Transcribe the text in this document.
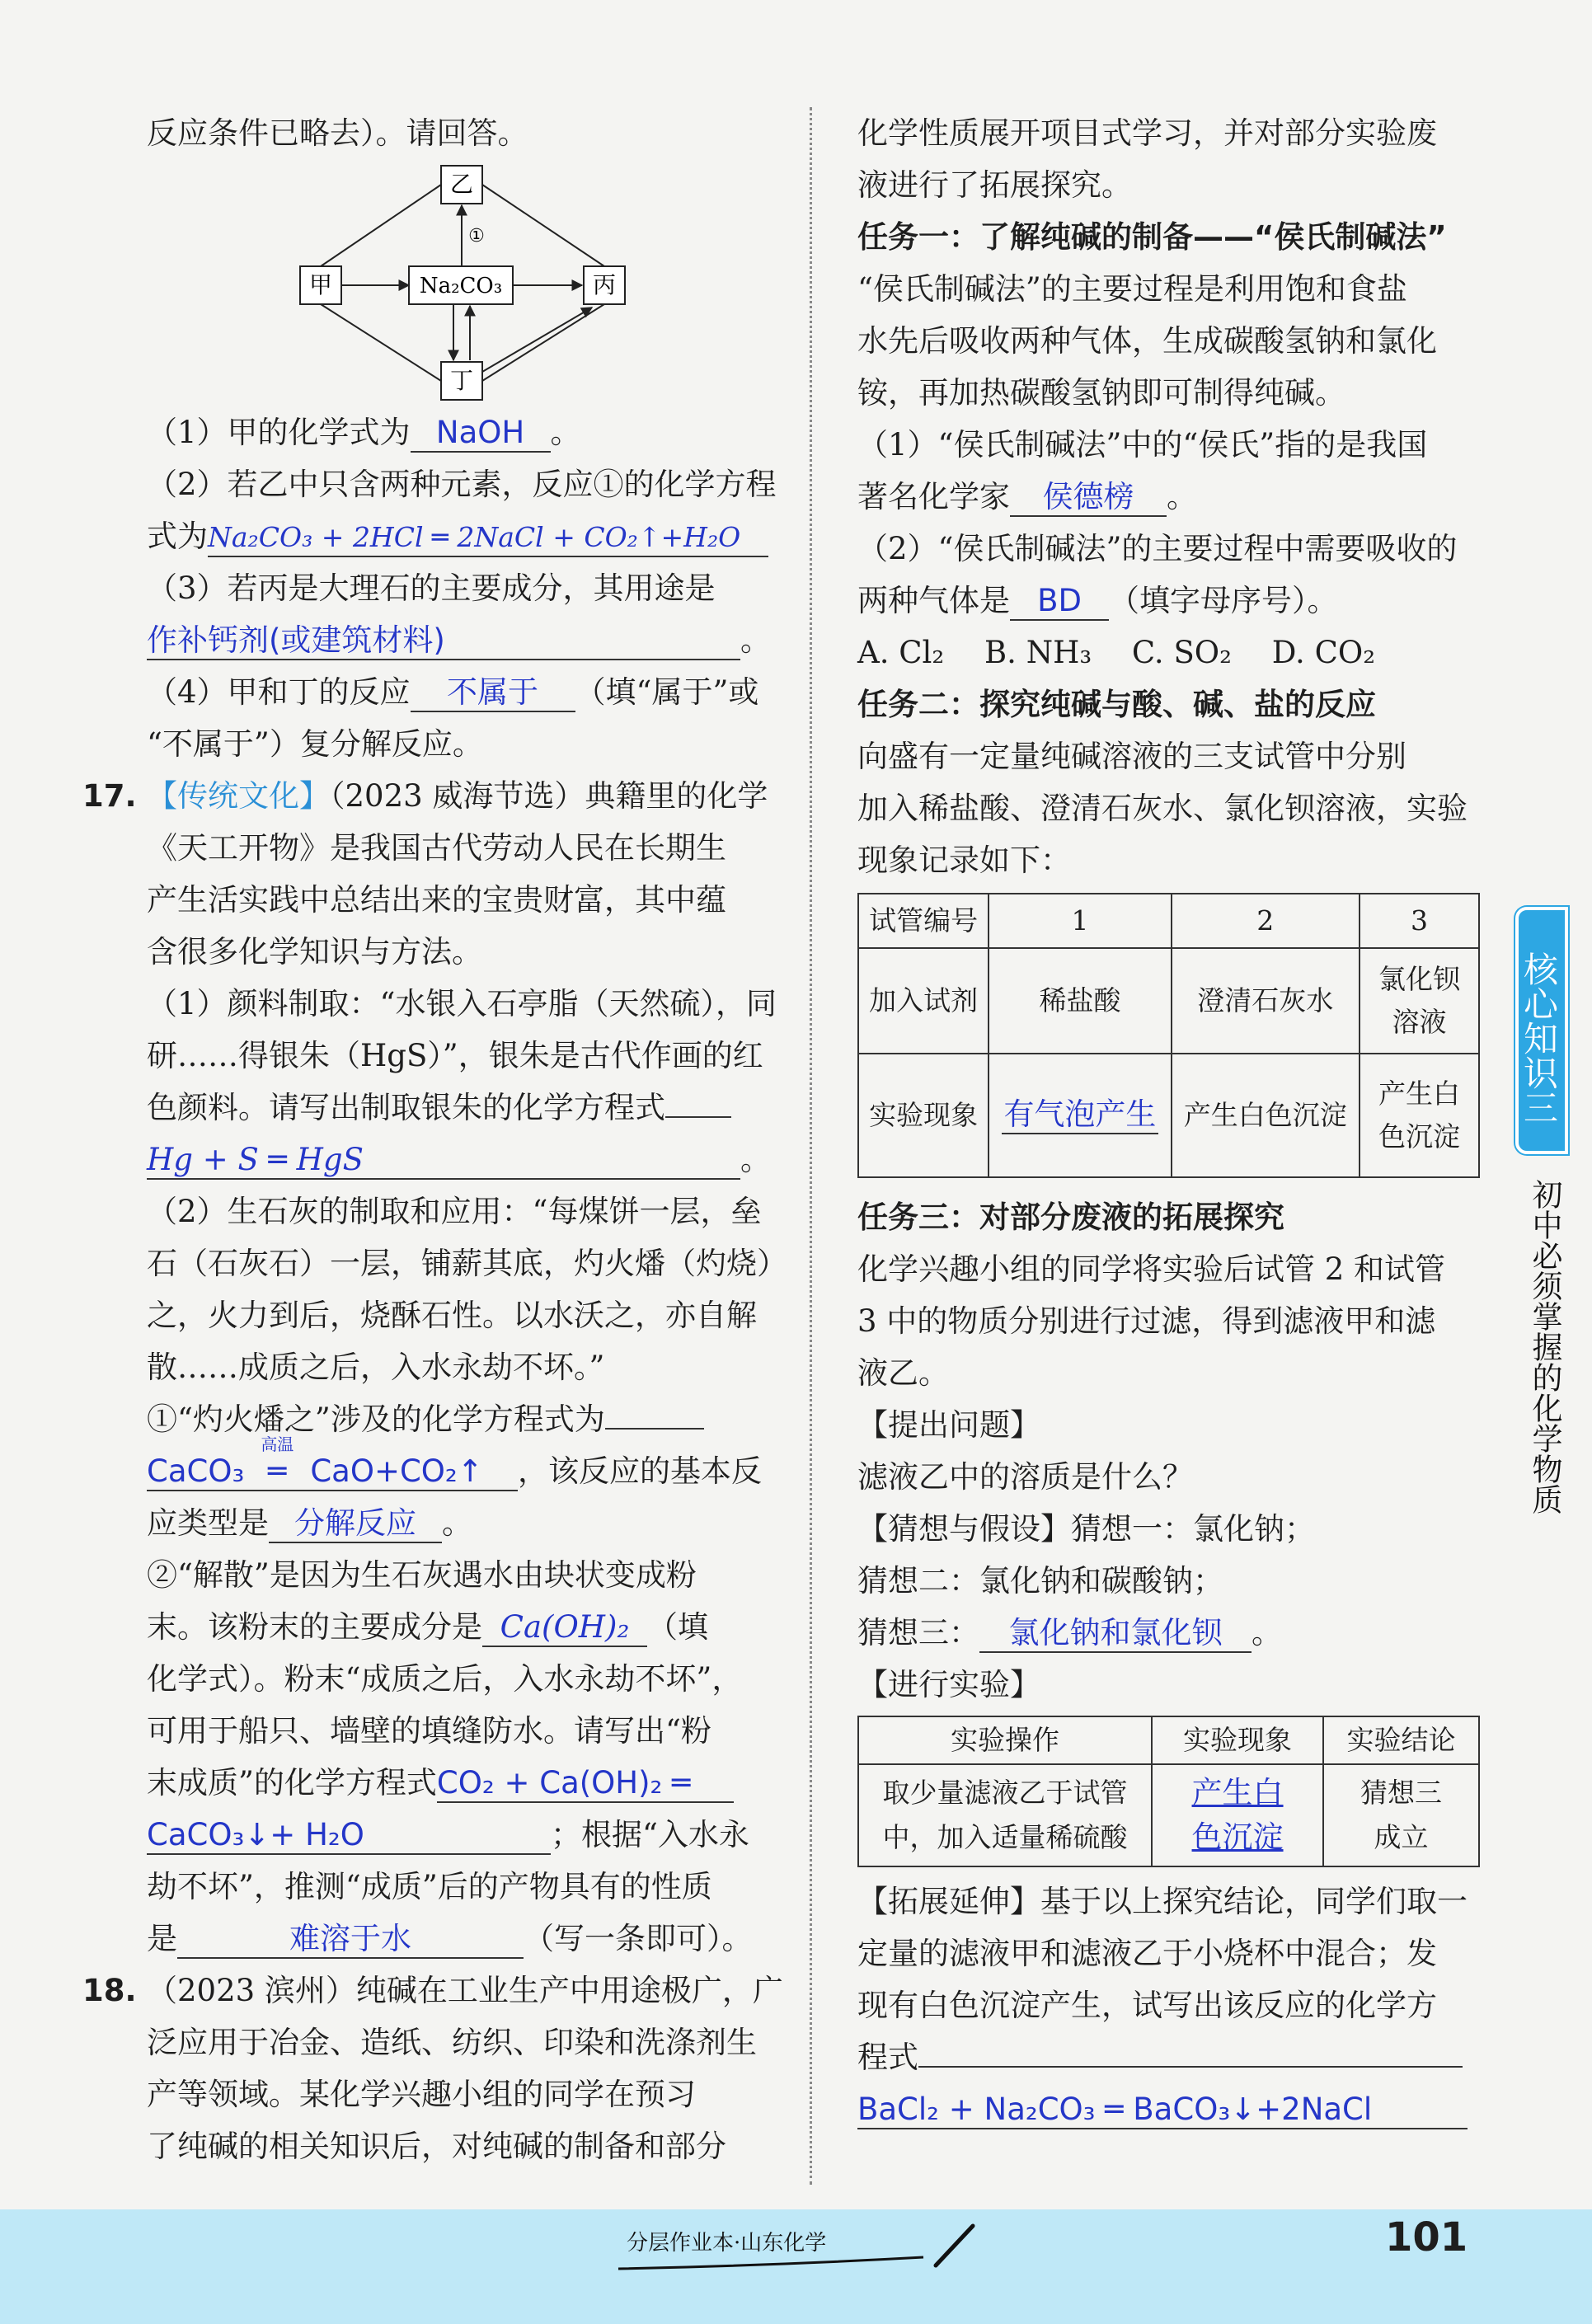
反应条件已略去）。请回答。
乙
甲	Na₂CO₃	丙
丁
①
（1）甲的化学式为 NaOH 。
（2）若乙中只含两种元素，反应①的化学方程
式为Na₂CO₃ + 2HCl ═ 2NaCl + CO₂↑+H₂O
（3）若丙是大理石的主要成分，其用途是
作补钙剂(或建筑材料)	。
（4）甲和丁的反应 不属于 （填“属于”或
“不属于”）复分解反应。
17. 【传统文化】（2023 威海节选）典籍里的化学
《天工开物》是我国古代劳动人民在长期生
产生活实践中总结出来的宝贵财富，其中蕴
含很多化学知识与方法。
（1）颜料制取：“水银入石亭脂（天然硫），同
研……得银朱（HgS）”，银朱是古代作画的红
色颜料。请写出制取银朱的化学方程式
Hg + S ═ HgS	。
（2）生石灰的制取和应用：“每煤饼一层，垒
石（石灰石）一层，铺薪其底，灼火燔（灼烧）
之，火力到后，烧酥石性。以水沃之，亦自解
散……成质之后，入水永劫不坏。”
①“灼火燔之”涉及的化学方程式为
CaCO₃
高温
═ CaO+CO₂↑ ，该反应的基本反
应类型是 分解反应 。
②“解散”是因为生石灰遇水由块状变成粉
末。该粉末的主要成分是 Ca(OH)₂ （填
化学式）。粉末“成质之后，入水永劫不坏”，
可用于船只、墙壁的填缝防水。请写出“粉
末成质”的化学方程式CO₂ + Ca(OH)₂ ═
CaCO₃↓+ H₂O	；根据“入水永
劫不坏”，推测“成质”后的产物具有的性质
是	难溶于水	（写一条即可）。
18. （2023 滨州）纯碱在工业生产中用途极广，广
泛应用于冶金、造纸、纺织、印染和洗涤剂生
产等领域。某化学兴趣小组的同学在预习
了纯碱的相关知识后，对纯碱的制备和部分
化学性质展开项目式学习，并对部分实验废
液进行了拓展探究。
任务一：了解纯碱的制备——“侯氏制碱法”
“侯氏制碱法”的主要过程是利用饱和食盐
水先后吸收两种气体，生成碳酸氢钠和氯化
铵，再加热碳酸氢钠即可制得纯碱。
（1）“侯氏制碱法”中的“侯氏”指的是我国
著名化学家 侯德榜 。
（2）“侯氏制碱法”的主要过程中需要吸收的
两种气体是 BD （填字母序号）。
A. Cl₂　 B. NH₃　 C. SO₂　 D. CO₂
任务二：探究纯碱与酸、碱、盐的反应
向盛有一定量纯碱溶液的三支试管中分别
加入稀盐酸、澄清石灰水、氯化钡溶液，实验
现象记录如下：
试管编号	1	2	3
加入试剂	稀盐酸	澄清石灰水	氯化钡溶液
实验现象	有气泡产生	产生白色沉淀	产生白色沉淀
任务三：对部分废液的拓展探究
化学兴趣小组的同学将实验后试管 2 和试管
3 中的物质分别进行过滤，得到滤液甲和滤
液乙。
【提出问题】
滤液乙中的溶质是什么？
【猜想与假设】猜想一：氯化钠；
猜想二：氯化钠和碳酸钠；
猜想三： 氯化钠和氯化钡 。
【进行实验】
实验操作	实验现象	实验结论
取少量滤液乙于试管中，加入适量稀硫酸	产生白色沉淀	猜想三成立
【拓展延伸】基于以上探究结论，同学们取一
定量的滤液甲和滤液乙于小烧杯中混合；发
现有白色沉淀产生，试写出该反应的化学方
程式
BaCl₂ + Na₂CO₃ ═ BaCO₃↓+2NaCl
核心知识三
初中必须掌握的化学物质
分层作业本·山东化学	101
